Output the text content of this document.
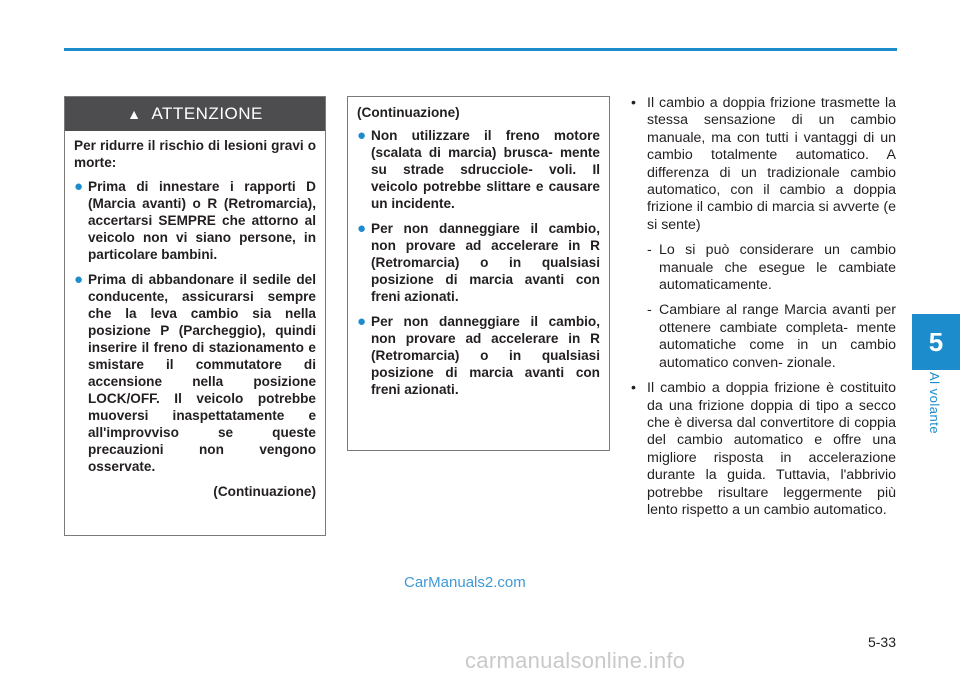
5
Al volante
▲ ATTENZIONE

Per ridurre il rischio di lesioni gravi o morte:

● Prima di innestare i rapporti D (Marcia avanti) o R (Retromarcia), accertarsi SEMPRE che attorno al veicolo non vi siano persone, in particolare bambini.
● Prima di abbandonare il sedile del conducente, assicurarsi sempre che la leva cambio sia nella posizione P (Parcheggio), quindi inserire il freno di stazionamento e smistare il commutatore di accensione nella posizione LOCK/OFF. Il veicolo potrebbe muoversi inaspettatamente e all'improvviso se queste precauzioni non vengono osservate.
(Continuazione)

(Continuazione)

● Non utilizzare il freno motore (scalata di marcia) brusca- mente su strade sdrucciole- voli. Il veicolo potrebbe slittare e causare un incidente.
● Per non danneggiare il cambio, non provare ad accelerare in R (Retromarcia) o in qualsiasi posizione di marcia avanti con freni azionati.
● Per non danneggiare il cambio, non provare ad accelerare in R (Retromarcia) o in qualsiasi posizione di marcia avanti con freni azionati.

• Il cambio a doppia frizione trasmette la stessa sensazione di un cambio manuale, ma con tutti i vantaggi di un cambio totalmente automatico. A differenza di un tradizionale cambio automatico, con il cambio a doppia frizione il cambio di marcia si avverte (e si sente)

- Lo si può considerare un cambio manuale che esegue le cambiate automaticamente.

- Cambiare al range Marcia avanti per ottenere cambiate completa- mente automatiche come in un cambio automatico conven- zionale.

• Il cambio a doppia frizione è costituito da una frizione doppia di tipo a secco che è diversa dal convertitore di coppia del cambio automatico e offre una migliore risposta in accelerazione durante la guida. Tuttavia, l'abbrivio potrebbe risultare leggermente più lento rispetto a un cambio automatico.

CarManuals2.com
5-33
carmanualsonline.info
